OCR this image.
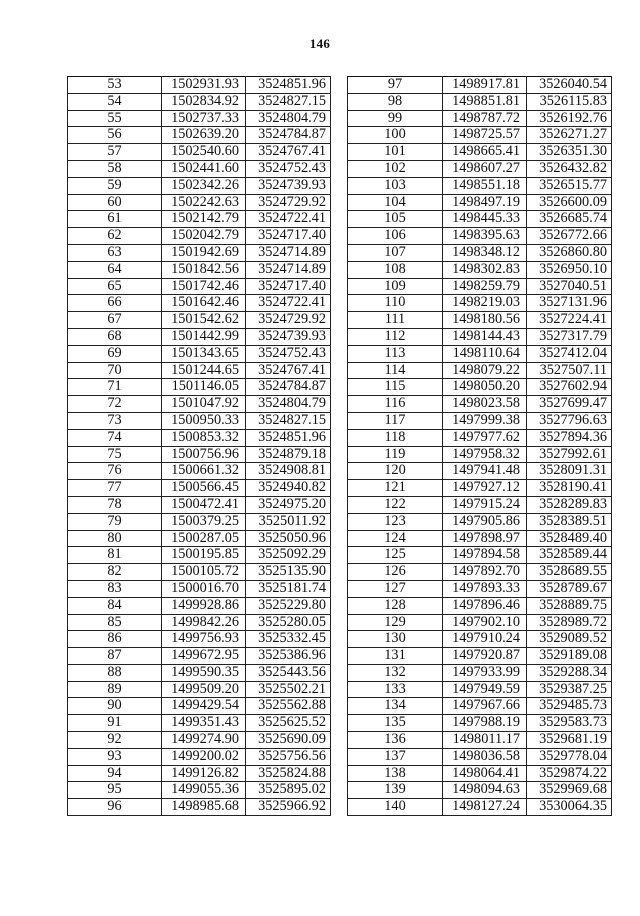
146
53	1502931.93	3524851.96
54	1502834.92	3524827.15
55	1502737.33	3524804.79
56	1502639.20	3524784.87
57	1502540.60	3524767.41
58	1502441.60	3524752.43
59	1502342.26	3524739.93
60	1502242.63	3524729.92
61	1502142.79	3524722.41
62	1502042.79	3524717.40
63	1501942.69	3524714.89
64	1501842.56	3524714.89
65	1501742.46	3524717.40
66	1501642.46	3524722.41
67	1501542.62	3524729.92
68	1501442.99	3524739.93
69	1501343.65	3524752.43
70	1501244.65	3524767.41
71	1501146.05	3524784.87
72	1501047.92	3524804.79
73	1500950.33	3524827.15
74	1500853.32	3524851.96
75	1500756.96	3524879.18
76	1500661.32	3524908.81
77	1500566.45	3524940.82
78	1500472.41	3524975.20
79	1500379.25	3525011.92
80	1500287.05	3525050.96
81	1500195.85	3525092.29
82	1500105.72	3525135.90
83	1500016.70	3525181.74
84	1499928.86	3525229.80
85	1499842.26	3525280.05
86	1499756.93	3525332.45
87	1499672.95	3525386.96
88	1499590.35	3525443.56
89	1499509.20	3525502.21
90	1499429.54	3525562.88
91	1499351.43	3525625.52
92	1499274.90	3525690.09
93	1499200.02	3525756.56
94	1499126.82	3525824.88
95	1499055.36	3525895.02
96	1498985.68	3525966.92
97	1498917.81	3526040.54
98	1498851.81	3526115.83
99	1498787.72	3526192.76
100	1498725.57	3526271.27
101	1498665.41	3526351.30
102	1498607.27	3526432.82
103	1498551.18	3526515.77
104	1498497.19	3526600.09
105	1498445.33	3526685.74
106	1498395.63	3526772.66
107	1498348.12	3526860.80
108	1498302.83	3526950.10
109	1498259.79	3527040.51
110	1498219.03	3527131.96
111	1498180.56	3527224.41
112	1498144.43	3527317.79
113	1498110.64	3527412.04
114	1498079.22	3527507.11
115	1498050.20	3527602.94
116	1498023.58	3527699.47
117	1497999.38	3527796.63
118	1497977.62	3527894.36
119	1497958.32	3527992.61
120	1497941.48	3528091.31
121	1497927.12	3528190.41
122	1497915.24	3528289.83
123	1497905.86	3528389.51
124	1497898.97	3528489.40
125	1497894.58	3528589.44
126	1497892.70	3528689.55
127	1497893.33	3528789.67
128	1497896.46	3528889.75
129	1497902.10	3528989.72
130	1497910.24	3529089.52
131	1497920.87	3529189.08
132	1497933.99	3529288.34
133	1497949.59	3529387.25
134	1497967.66	3529485.73
135	1497988.19	3529583.73
136	1498011.17	3529681.19
137	1498036.58	3529778.04
138	1498064.41	3529874.22
139	1498094.63	3529969.68
140	1498127.24	3530064.35
